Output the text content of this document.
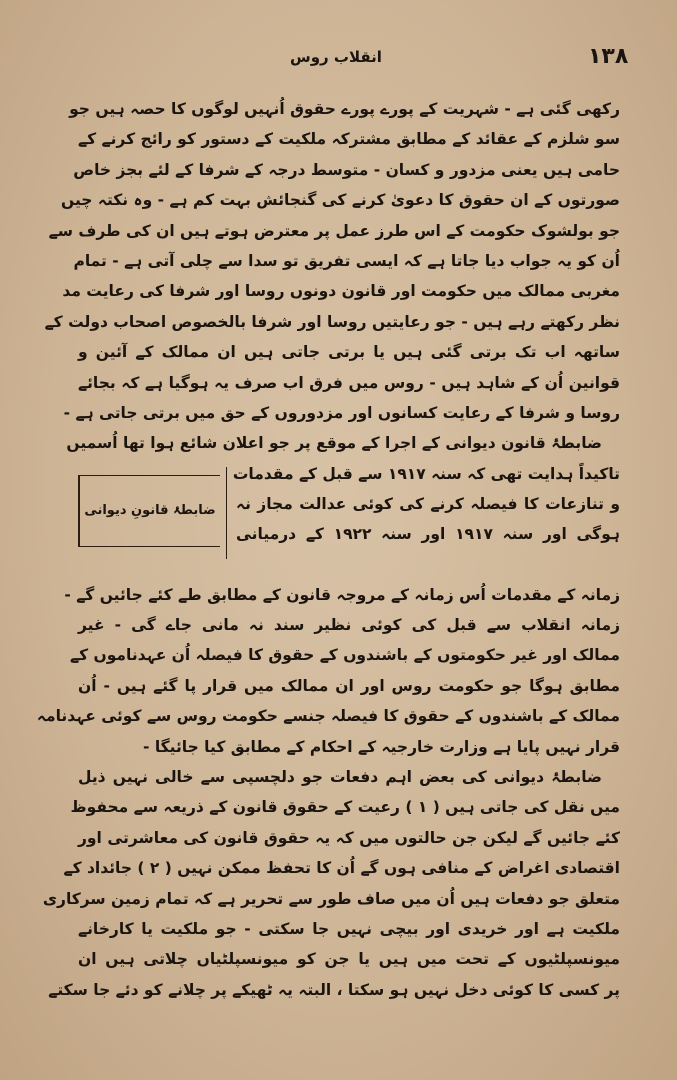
۱۳۸
انقلاب روس
رکھی گئی ہے - شہریت کے پورے پورے حقوق اُنہیں لوگوں کا حصہ ہیں جو
سو شلزم کے عقائد کے مطابق مشترکہ ملکیت کے دستور کو رائج کرنے کے
حامی ہیں یعنی مزدور و کسان - متوسط درجہ کے شرفا کے لئے بجز خاص
صورتوں کے ان حقوق کا دعویٰ کرنے کی گنجائش بہت کم ہے - وہ نکتہ چیں
جو بولشوک حکومت کے اس طرز عمل پر معترض ہوتے ہیں ان کی طرف سے
اُن کو یہ جواب دیا جاتا ہے کہ ایسی تفریق تو سدا سے چلی آتی ہے - تمام
مغربی ممالک میں حکومت اور قانون دونوں روسا اور شرفا کی رعایت مد
نظر رکھتے رہے ہیں - جو رعایتیں روسا اور شرفا بالخصوص اصحاب دولت کے
ساتھہ اب تک برتی گئی ہیں یا برتی جاتی ہیں ان ممالک کے آئین و
قوانین اُن کے شاہد ہیں - روس میں فرق اب صرف یہ ہوگیا ہے کہ بجائے
روسا و شرفا کے رعایت کسانوں اور مزدوروں کے حق میں برتی جاتی ہے -
ضابطۂ قانون دیوانی کے اجرا کے موقع پر جو اعلان شائع ہوا تھا اُسمیں
تاکیداً ہدایت تھی کہ سنہ ۱۹۱۷ سے قبل کے مقدمات
و تنازعات کا فیصلہ کرنے کی کوئی عدالت مجاز نہ
ہوگی اور سنہ ۱۹۱۷ اور سنہ ۱۹۲۲ کے درمیانی
ضابطۂ قانونِ دیوانی
زمانہ کے مقدمات اُس زمانہ کے مروجہ قانون کے مطابق طے کئے جائیں گے -
زمانہ انقلاب سے قبل کی کوئی نظیر سند نہ مانی جاے گی - غیر
ممالک اور غیر حکومتوں کے باشندوں کے حقوق کا فیصلہ اُن عہدناموں کے
مطابق ہوگا جو حکومت روس اور ان ممالک میں قرار پا گئے ہیں - اُن
ممالک کے باشندوں کے حقوق کا فیصلہ جنسے حکومت روس سے کوئی عہدنامہ
قرار نہیں پایا ہے وزارت خارجیہ کے احکام کے مطابق کیا جائیگا -
ضابطۂ دیوانی کی بعض اہم دفعات جو دلچسپی سے خالی نہیں ذیل
میں نقل کی جاتی ہیں ( ۱ ) رعیت کے حقوق قانون کے ذریعہ سے محفوظ
کئے جائیں گے لیکن جن حالتوں میں کہ یہ حقوق قانون کی معاشرتی اور
اقتصادی اغراض کے منافی ہوں گے اُن کا تحفظ ممکن نہیں ( ۲ ) جائداد کے
متعلق جو دفعات ہیں اُن میں صاف طور سے تحریر ہے کہ تمام زمین سرکاری
ملکیت ہے اور خریدی اور بیچی نہیں جا سکتی - جو ملکیت یا کارخانے
میونسپلٹیوں کے تحت میں ہیں یا جن کو میونسپلٹیاں چلاتی ہیں ان
پر کسی کا کوئی دخل نہیں ہو سکتا ، البتہ یہ ٹھیکے پر چلانے کو دئے جا سکتے
